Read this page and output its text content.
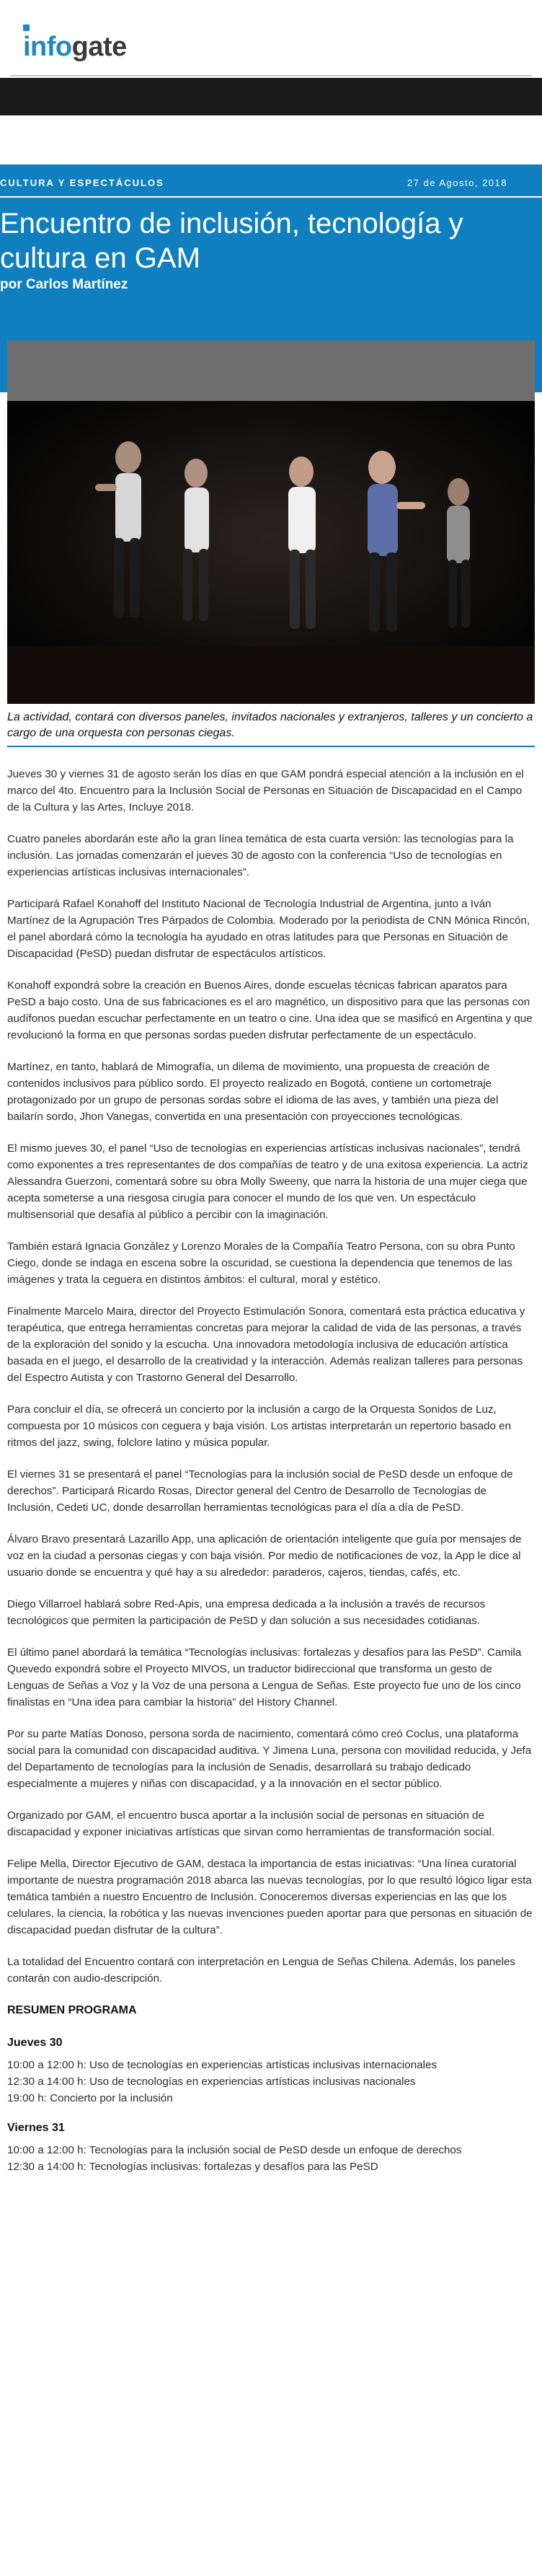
infogate
CULTURA Y ESPECTÁCULOS	27 de Agosto, 2018
Encuentro de inclusión, tecnología y cultura en GAM
por Carlos Martínez
La actividad, contará con diversos paneles, invitados nacionales y extranjeros, talleres y un concierto a cargo de una orquesta con personas ciegas.

Jueves 30 y viernes 31 de agosto serán los días en que GAM pondrá especial atención a la inclusión en el marco del 4to. Encuentro para la Inclusión Social de Personas en Situación de Discapacidad en el Campo de la Cultura y las Artes, Incluye 2018.

Cuatro paneles abordarán este año la gran línea temática de esta cuarta versión: las tecnologías para la inclusión. Las jornadas comenzarán el jueves 30 de agosto con la conferencia “Uso de tecnologías en experiencias artísticas inclusivas internacionales”.

Participará Rafael Konahoff del Instituto Nacional de Tecnología Industrial de Argentina, junto a Iván Martínez de la Agrupación Tres Párpados de Colombia. Moderado por la periodista de CNN Mónica Rincón, el panel abordará cómo la tecnología ha ayudado en otras latitudes para que Personas en Situación de Discapacidad (PeSD) puedan disfrutar de espectáculos artísticos.

Konahoff expondrá sobre la creación en Buenos Aires, donde escuelas técnicas fabrican aparatos para PeSD a bajo costo. Una de sus fabricaciones es el aro magnético, un dispositivo para que las personas con audífonos puedan escuchar perfectamente en un teatro o cine. Una idea que se masificó en Argentina y que revolucionó la forma en que personas sordas pueden disfrutar perfectamente de un espectáculo.

Martínez, en tanto, hablará de Mimografía, un dilema de movimiento, una propuesta de creación de contenidos inclusivos para público sordo. El proyecto realizado en Bogotá, contiene un cortometraje protagonizado por un grupo de personas sordas sobre el idioma de las aves, y también una pieza del bailarín sordo, Jhon Vanegas, convertida en una presentación con proyecciones tecnológicas.

El mismo jueves 30, el panel “Uso de tecnologías en experiencias artísticas inclusivas nacionales”, tendrá como exponentes a tres representantes de dos compañías de teatro y de una exitosa experiencia. La actriz Alessandra Guerzoni, comentará sobre su obra Molly Sweeny, que narra la historia de una mujer ciega que acepta someterse a una riesgosa cirugía para conocer el mundo de los que ven. Un espectáculo multisensorial que desafía al público a percibir con la imaginación.

También estará Ignacia González y Lorenzo Morales de la Compañía Teatro Persona, con su obra Punto Ciego, donde se indaga en escena sobre la oscuridad, se cuestiona la dependencia que tenemos de las imágenes y trata la ceguera en distintos ámbitos: el cultural, moral y estético.

Finalmente Marcelo Maira, director del Proyecto Estimulación Sonora, comentará esta práctica educativa y terapéutica, que entrega herramientas concretas para mejorar la calidad de vida de las personas, a través de la exploración del sonido y la escucha. Una innovadora metodología inclusiva de educación artística basada en el juego, el desarrollo de la creatividad y la interacción. Además realizan talleres para personas del Espectro Autista y con Trastorno General del Desarrollo.

Para concluir el día, se ofrecerá un concierto por la inclusión a cargo de la Orquesta Sonidos de Luz, compuesta por 10 músicos con ceguera y baja visión. Los artistas interpretarán un repertorio basado en ritmos del jazz, swing, folclore latino y música popular.

El viernes 31 se presentará el panel “Tecnologías para la inclusión social de PeSD desde un enfoque de derechos”. Participará Ricardo Rosas, Director general del Centro de Desarrollo de Tecnologías de Inclusión, Cedeti UC, donde desarrollan herramientas tecnológicas para el día a día de PeSD.

Álvaro Bravo presentará Lazarillo App, una aplicación de orientación inteligente que guía por mensajes de voz en la ciudad a personas ciegas y con baja visión. Por medio de notificaciones de voz, la App le dice al usuario donde se encuentra y qué hay a su alrededor: paraderos, cajeros, tiendas, cafés, etc.

Diego Villarroel hablará sobre Red-Apis, una empresa dedicada a la inclusión a través de recursos tecnológicos que permiten la participación de PeSD y dan solución a sus necesidades cotidianas.

El último panel abordará la temática “Tecnologías inclusivas: fortalezas y desafíos para las PeSD”. Camila Quevedo expondrá sobre el Proyecto MIVOS, un traductor bidireccional que transforma un gesto de Lenguas de Señas a Voz y la Voz de una persona a Lengua de Señas. Este proyecto fue uno de los cinco finalistas en “Una idea para cambiar la historia” del History Channel.

Por su parte Matías Donoso, persona sorda de nacimiento, comentará cómo creó Coclus, una plataforma social para la comunidad con discapacidad auditiva. Y Jimena Luna, persona con movilidad reducida, y Jefa del Departamento de tecnologías para la inclusión de Senadis, desarrollará su trabajo dedicado especialmente a mujeres y niñas con discapacidad, y a la innovación en el sector público.

Organizado por GAM, el encuentro busca aportar a la inclusión social de personas en situación de discapacidad y exponer iniciativas artísticas que sirvan como herramientas de transformación social.

Felipe Mella, Director Ejecutivo de GAM, destaca la importancia de estas iniciativas: “Una línea curatorial importante de nuestra programación 2018 abarca las nuevas tecnologías, por lo que resultó lógico ligar esta temática también a nuestro Encuentro de Inclusión. Conoceremos diversas experiencias en las que los celulares, la ciencia, la robótica y las nuevas invenciones pueden aportar para que personas en situación de discapacidad puedan disfrutar de la cultura”.

La totalidad del Encuentro contará con interpretación en Lengua de Señas Chilena. Además, los paneles contarán con audio-descripción.

RESUMEN PROGRAMA
Jueves 30

10:00 a 12:00 h: Uso de tecnologías en experiencias artísticas inclusivas internacionales

12:30 a 14:00 h: Uso de tecnologías en experiencias artísticas inclusivas nacionales

19:00 h: Concierto por la inclusión

Viernes 31

10:00 a 12:00 h: Tecnologías para la inclusión social de PeSD desde un enfoque de derechos

12:30 a 14:00 h: Tecnologías inclusivas: fortalezas y desafíos para las PeSD
